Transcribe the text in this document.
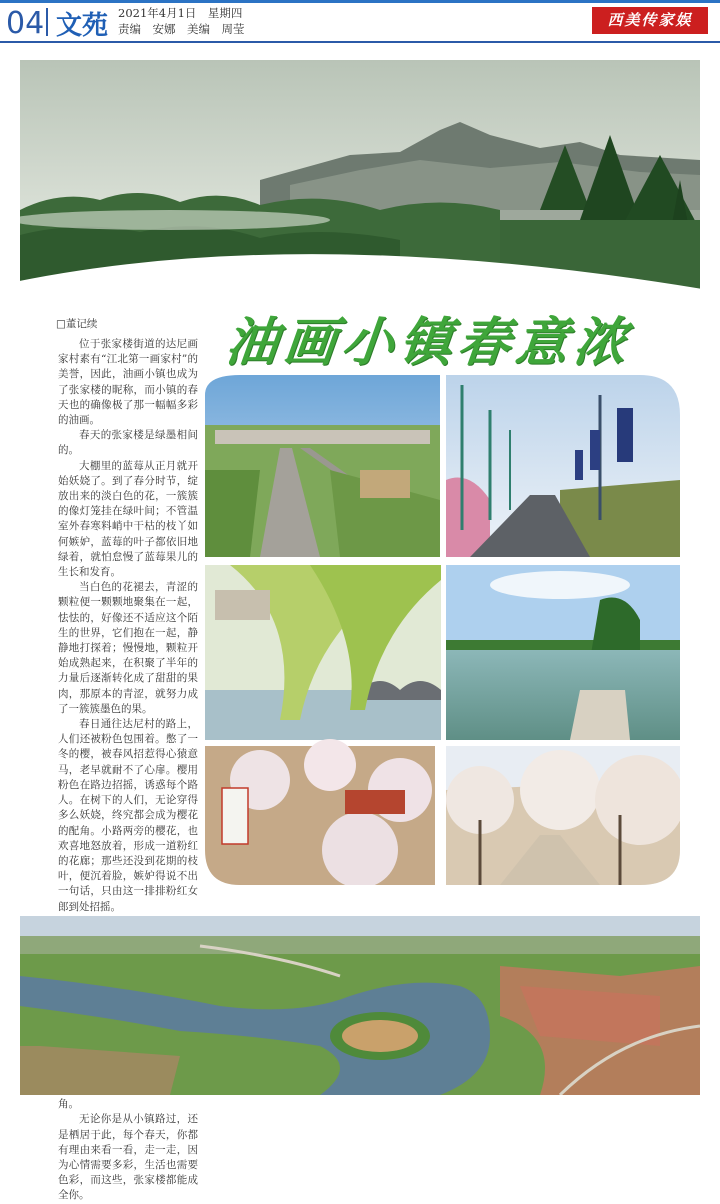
04 文苑 2021年4月1日　星期四
责编　安娜　美编　周莹	西美传家娱
油画小镇春意浓
□董记续

位于张家楼街道的达尼画家村素有“江北第一画家村”的美誉，因此，油画小镇也成为了张家楼的昵称，而小镇的春天也的确像极了那一幅幅多彩的油画。

春天的张家楼是绿墨相间的。

大棚里的蓝莓从正月就开始妖娆了。到了春分时节，绽放出来的淡白色的花，一簇簇的像灯笼挂在绿叶间；不管温室外春寒料峭中干枯的枝丫如何嫉妒，蓝莓的叶子都依旧地绿着，就怕怠慢了蓝莓果儿的生长和发育。

当白色的花褪去，青涩的颗粒便一颗颗地聚集在一起，怯怯的，好像还不适应这个陌生的世界，它们抱在一起，静静地打探着；慢慢地，颗粒开始成熟起来，在积聚了半年的力量后逐渐转化成了甜甜的果肉，那原本的青涩，就努力成了一簇簇墨色的果。

春日通往达尼村的路上，人们还被粉色包围着。憋了一冬的樱，被春风招惹得心猿意马，老早就耐不了心扉。樱用粉色在路边招摇，诱惑每个路人。在树下的人们，无论穿得多么妖娆，终究都会成为樱花的配角。小路两旁的樱花，也欢喜地怒放着，形成一道粉红的花廊；那些还没到花期的枝叶，便沉着脸，嫉妒得说不出一句话，只由这一排排粉红女郎到处招摇。

角。

无论你是从小镇路过，还是栖居于此，每个春天，你都有理由来看一看，走一走，因为心情需要多彩，生活也需要色彩，而这些，张家楼都能成全你。
